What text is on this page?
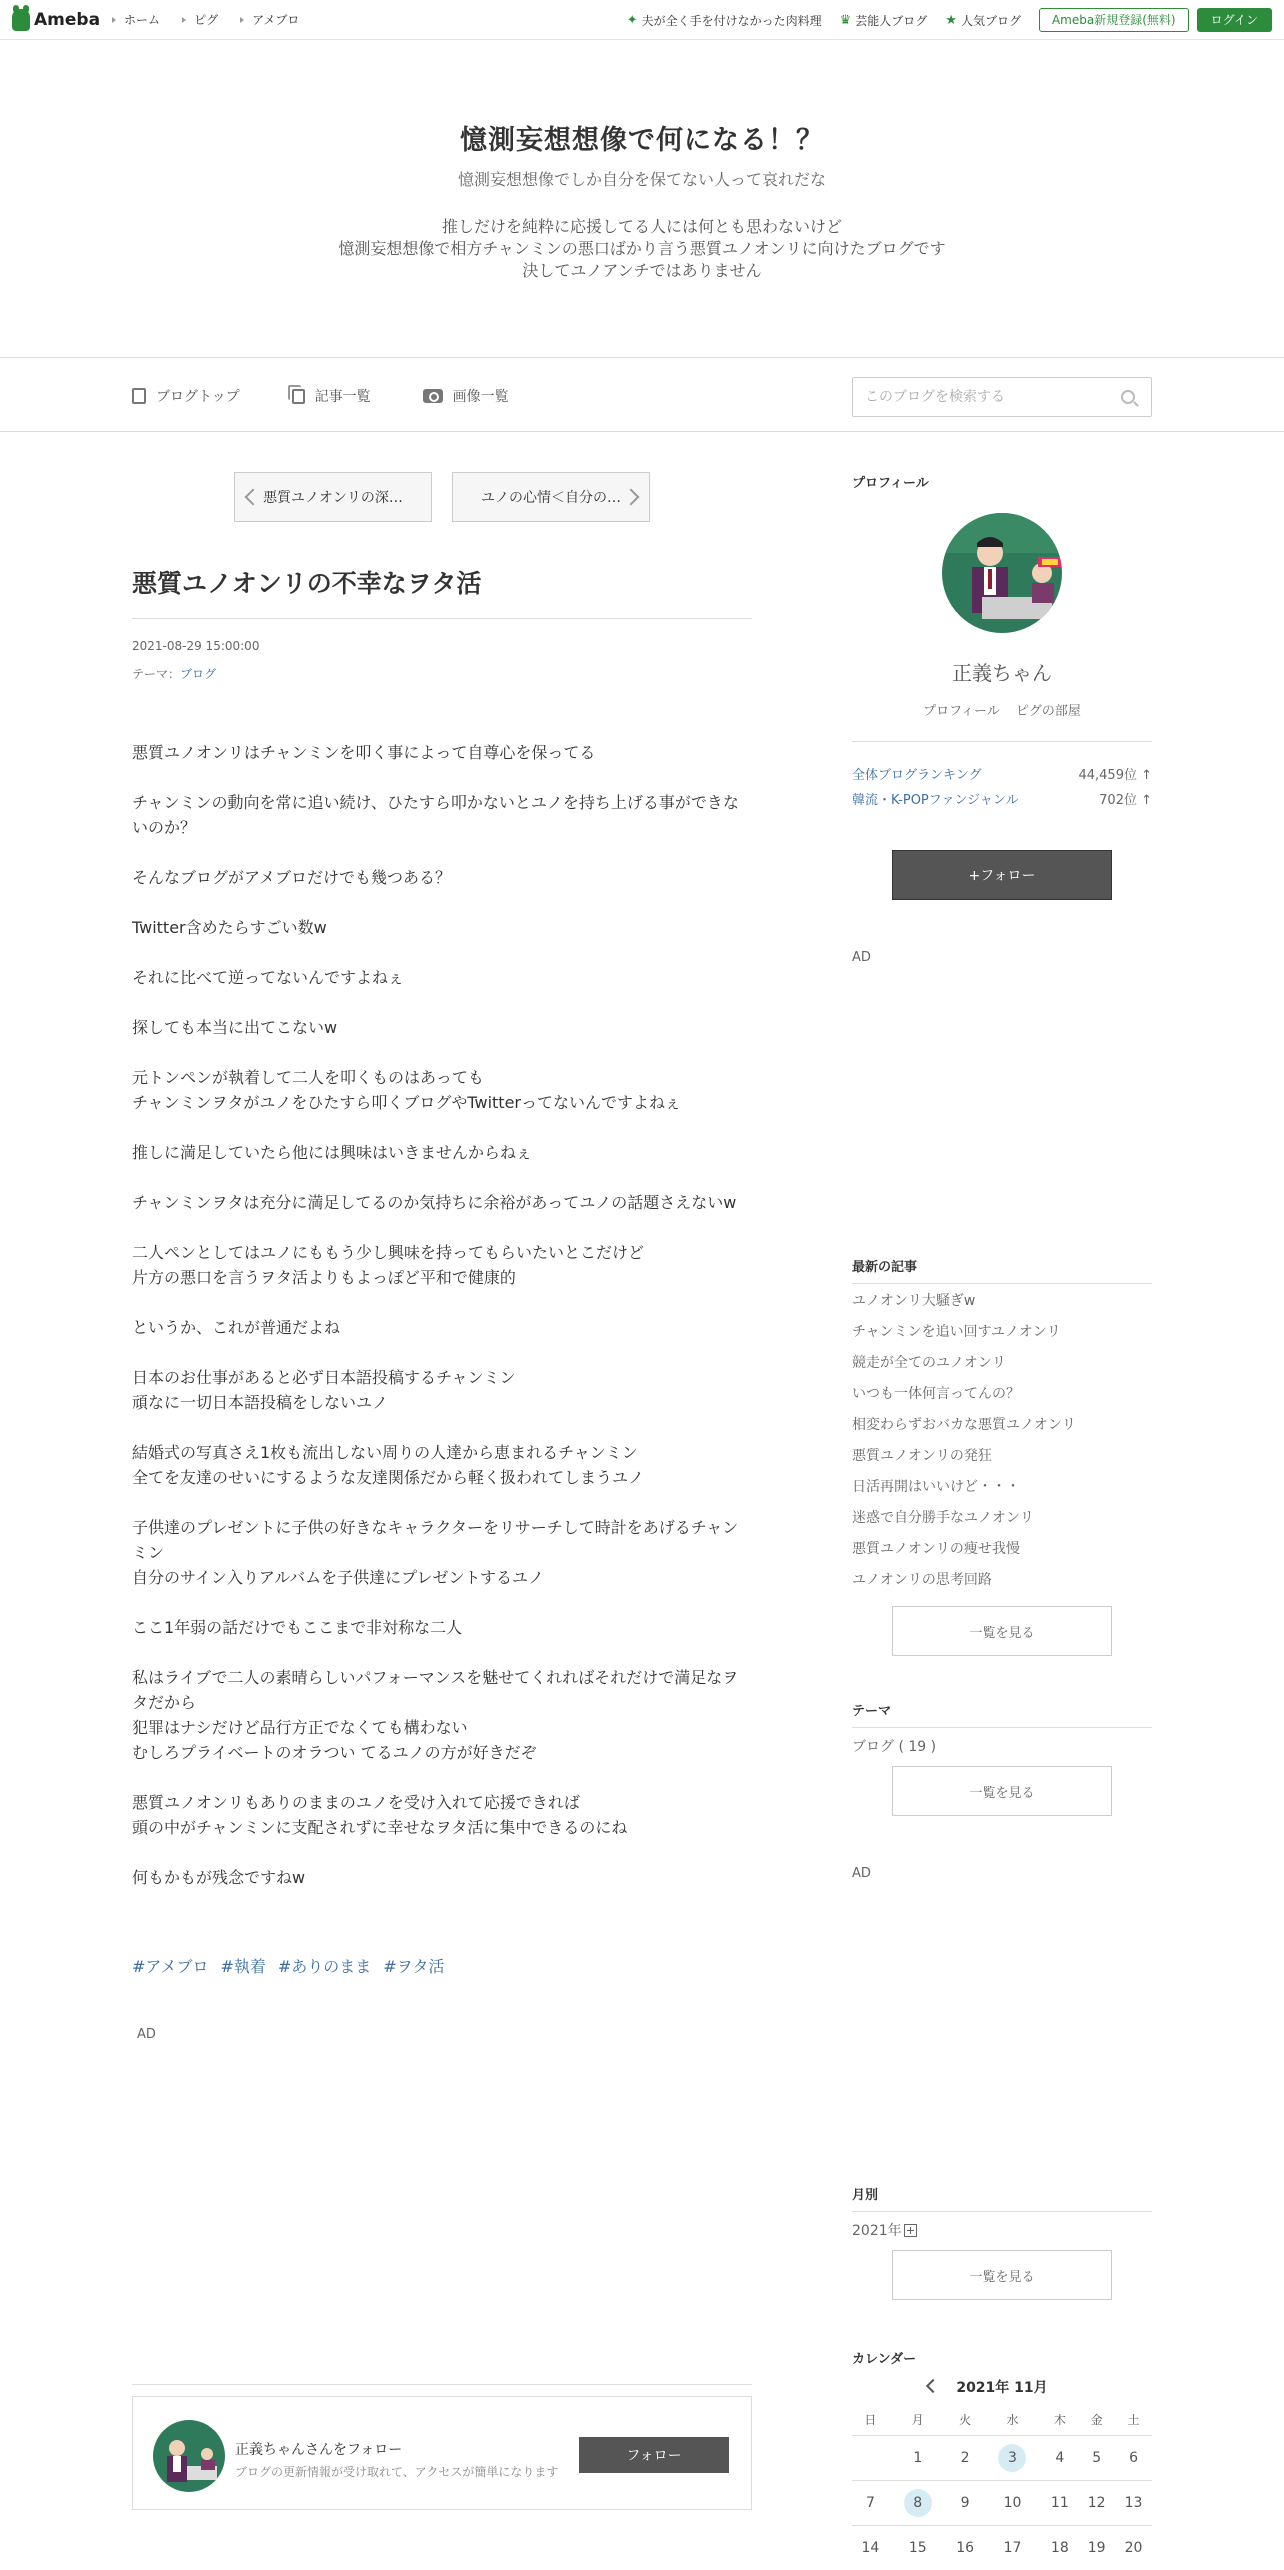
Ameba ホーム	ピグ	アメブロ	✦ 夫が全く手を付けなかった肉料理 ♛ 芸能人ブログ ★ 人気ブログ	Ameba新規登録(無料)	ログイン
憶測妄想想像で何になる！？
憶測妄想想像でしか自分を保てない人って哀れだな
推しだけを純粋に応援してる人には何とも思わないけど
憶測妄想想像で相方チャンミンの悪口ばかり言う悪質ユノオンリに向けたブログです
決してユノアンチではありません
ブログトップ	記事一覧	画像一覧
このブログを検索する
悪質ユノオンリの深…	ユノの心情＜自分の…
悪質ユノオンリの不幸なヲタ活
2021-08-29 15:00:00
テーマ：ブログ

悪質ユノオンリはチャンミンを叩く事によって自尊心を保ってる

チャンミンの動向を常に追い続け、ひたすら叩かないとユノを持ち上げる事ができないのか？

そんなブログがアメブロだけでも幾つある？

Twitter含めたらすごい数w

それに比べて逆ってないんですよねぇ

探しても本当に出てこないw

元トンペンが執着して二人を叩くものはあっても
チャンミンヲタがユノをひたすら叩くブログやTwitterってないんですよねぇ

推しに満足していたら他には興味はいきませんからねぇ

チャンミンヲタは充分に満足してるのか気持ちに余裕があってユノの話題さえないw

二人ペンとしてはユノにももう少し興味を持ってもらいたいとこだけど
片方の悪口を言うヲタ活よりもよっぽど平和で健康的

というか、これが普通だよね

日本のお仕事があると必ず日本語投稿するチャンミン
頑なに一切日本語投稿をしないユノ

結婚式の写真さえ1枚も流出しない周りの人達から恵まれるチャンミン
全てを友達のせいにするような友達関係だから軽く扱われてしまうユノ

子供達のプレゼントに子供の好きなキャラクターをリサーチして時計をあげるチャンミン
自分のサイン入りアルバムを子供達にプレゼントするユノ

ここ1年弱の話だけでもここまで非対称な二人

私はライブで二人の素晴らしいパフォーマンスを魅せてくれればそれだけで満足なヲタだから
犯罪はナシだけど品行方正でなくても構わない
むしろプライベートのオラつい てるユノの方が好きだぞ

悪質ユノオンリもありのままのユノを受け入れて応援できれば
頭の中がチャンミンに支配されずに幸せなヲタ活に集中できるのにね

何もかもが残念ですねw

#アメブロ #執着 #ありのまま #ヲタ活
AD
正義ちゃんさんをフォロー
ブログの更新情報が受け取れて、アクセスが簡単になります
フォロー
プロフィール
正義ちゃん
プロフィール ピグの部屋
全体ブログランキング	44,459位 ↑
韓流・K-POPファンジャンル	702位 ↑
+フォロー
AD
最新の記事
ユノオンリ大騒ぎw
チャンミンを追い回すユノオンリ
競走が全てのユノオンリ
いつも一体何言ってんの？
相変わらずおバカな悪質ユノオンリ
悪質ユノオンリの発狂
日活再開はいいけど・・・
迷惑で自分勝手なユノオンリ
悪質ユノオンリの痩せ我慢
ユノオンリの思考回路
一覧を見る
テーマ
ブログ ( 19 )
一覧を見る
AD
月別
2021年
一覧を見る
カレンダー
2021年 11月
日	月	火	水	木	金	土
	1	2	3	4	5	6
7	8	9	10	11	12	13
14	15	16	17	18	19	20
